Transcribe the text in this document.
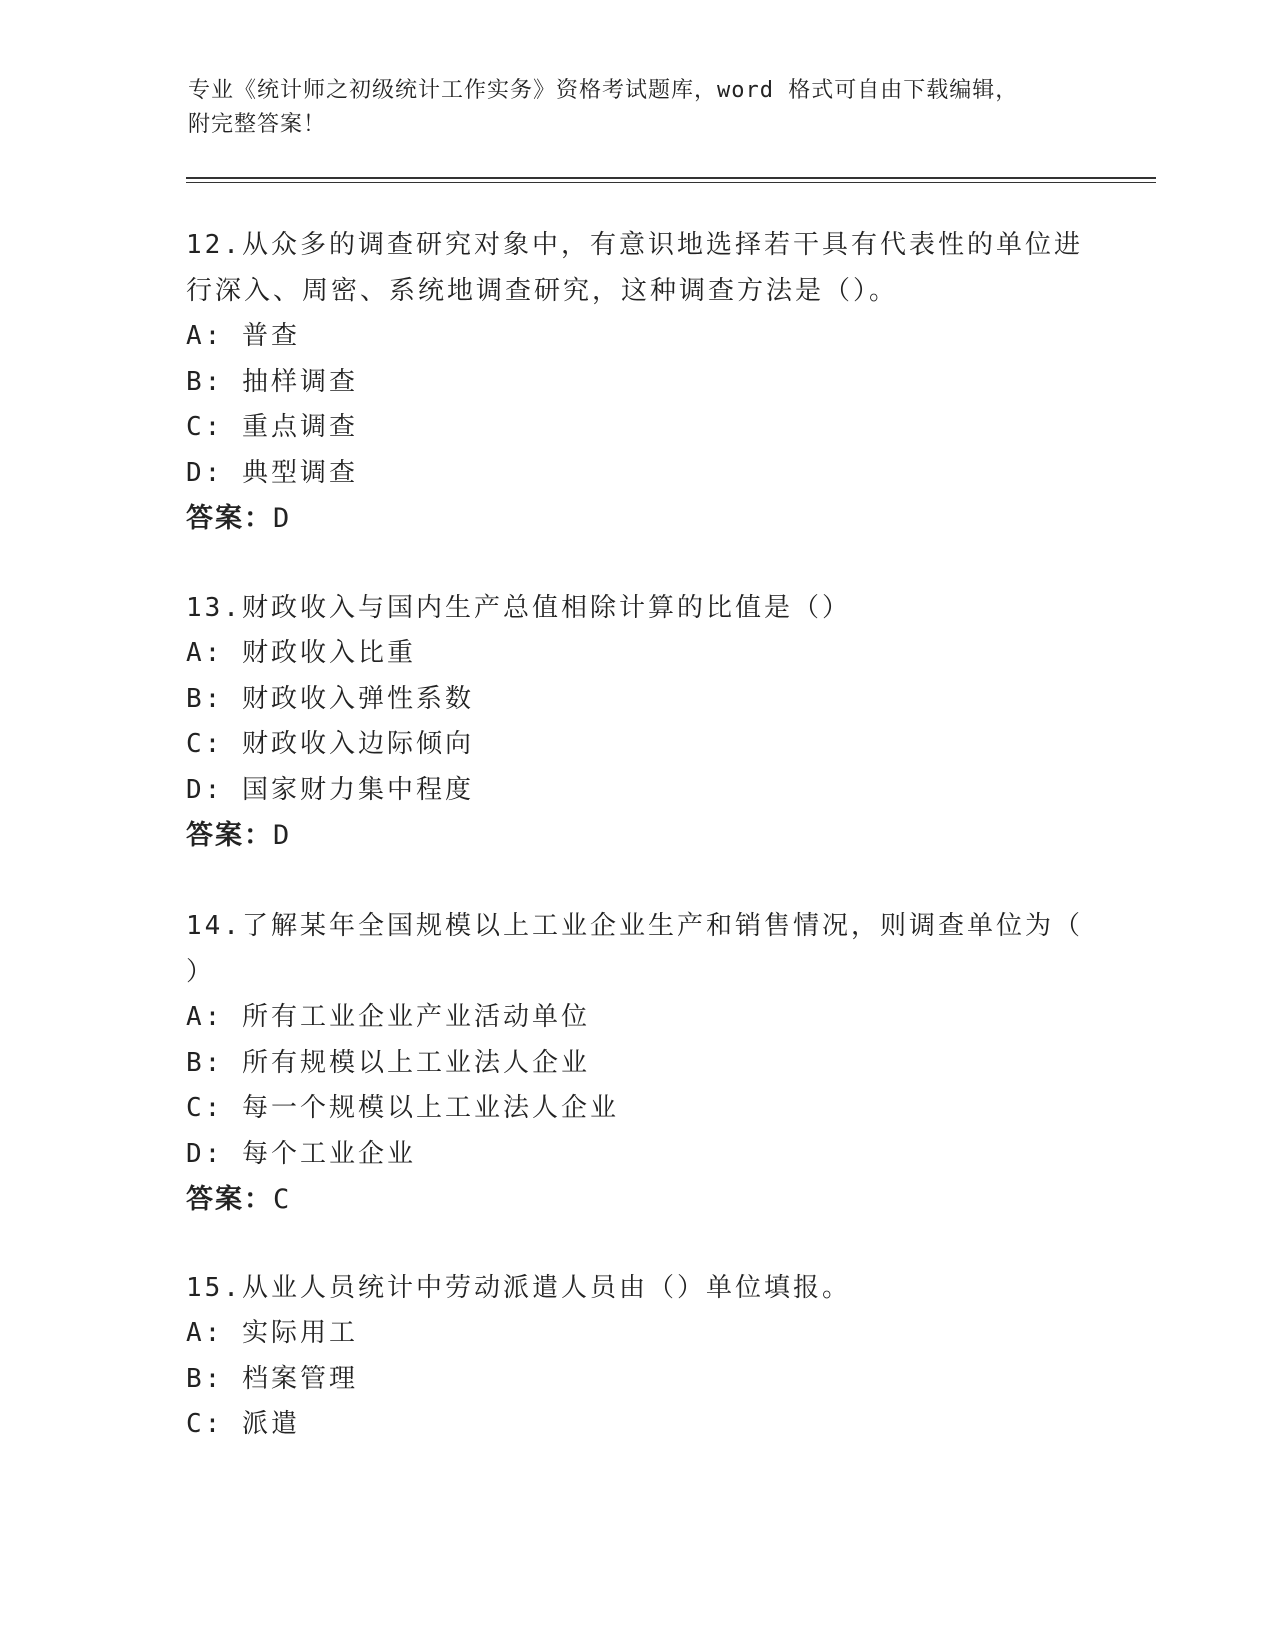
专业《统计师之初级统计工作实务》资格考试题库，word 格式可自由下载编辑，
附完整答案！

12.从众多的调查研究对象中，有意识地选择若干具有代表性的单位进

行深入、周密、系统地调查研究，这种调查方法是（）。

A: 普查

B: 抽样调查

C: 重点调查

D: 典型调查

答案：D

13.财政收入与国内生产总值相除计算的比值是（）

A: 财政收入比重

B: 财政收入弹性系数

C: 财政收入边际倾向

D: 国家财力集中程度

答案：D

14.了解某年全国规模以上工业企业生产和销售情况，则调查单位为（

）

A: 所有工业企业产业活动单位

B: 所有规模以上工业法人企业

C: 每一个规模以上工业法人企业

D: 每个工业企业

答案：C

15.从业人员统计中劳动派遣人员由（）单位填报。

A: 实际用工

B: 档案管理

C: 派遣
